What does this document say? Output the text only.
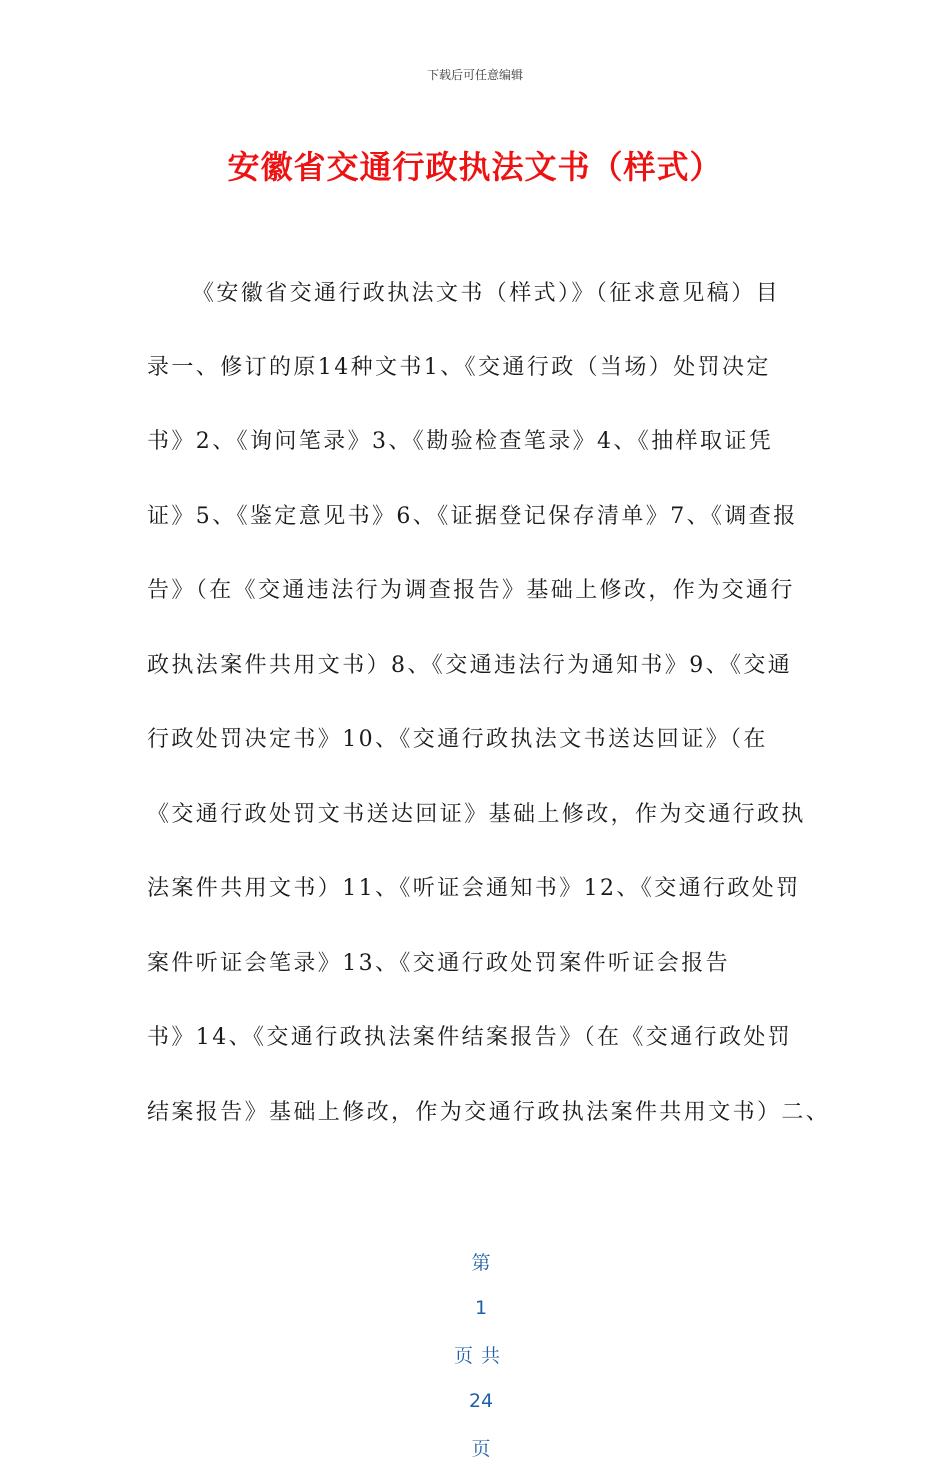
下载后可任意编辑
安徽省交通行政执法文书（样式）
《安徽省交通行政执法文书（样式）》（征求意见稿）目
录一、修订的原14种文书1、《交通行政（当场）处罚决定
书》2、《询问笔录》3、《勘验检查笔录》4、《抽样取证凭
证》5、《鉴定意见书》6、《证据登记保存清单》7、《调查报
告》（在《交通违法行为调查报告》基础上修改，作为交通行
政执法案件共用文书）8、《交通违法行为通知书》9、《交通
行政处罚决定书》10、《交通行政执法文书送达回证》（在
《交通行政处罚文书送达回证》基础上修改，作为交通行政执
法案件共用文书）11、《听证会通知书》12、《交通行政处罚
案件听证会笔录》13、《交通行政处罚案件听证会报告
书》14、《交通行政执法案件结案报告》（在《交通行政处罚
结案报告》基础上修改，作为交通行政执法案件共用文书）二、

第

1

页共

24

页
